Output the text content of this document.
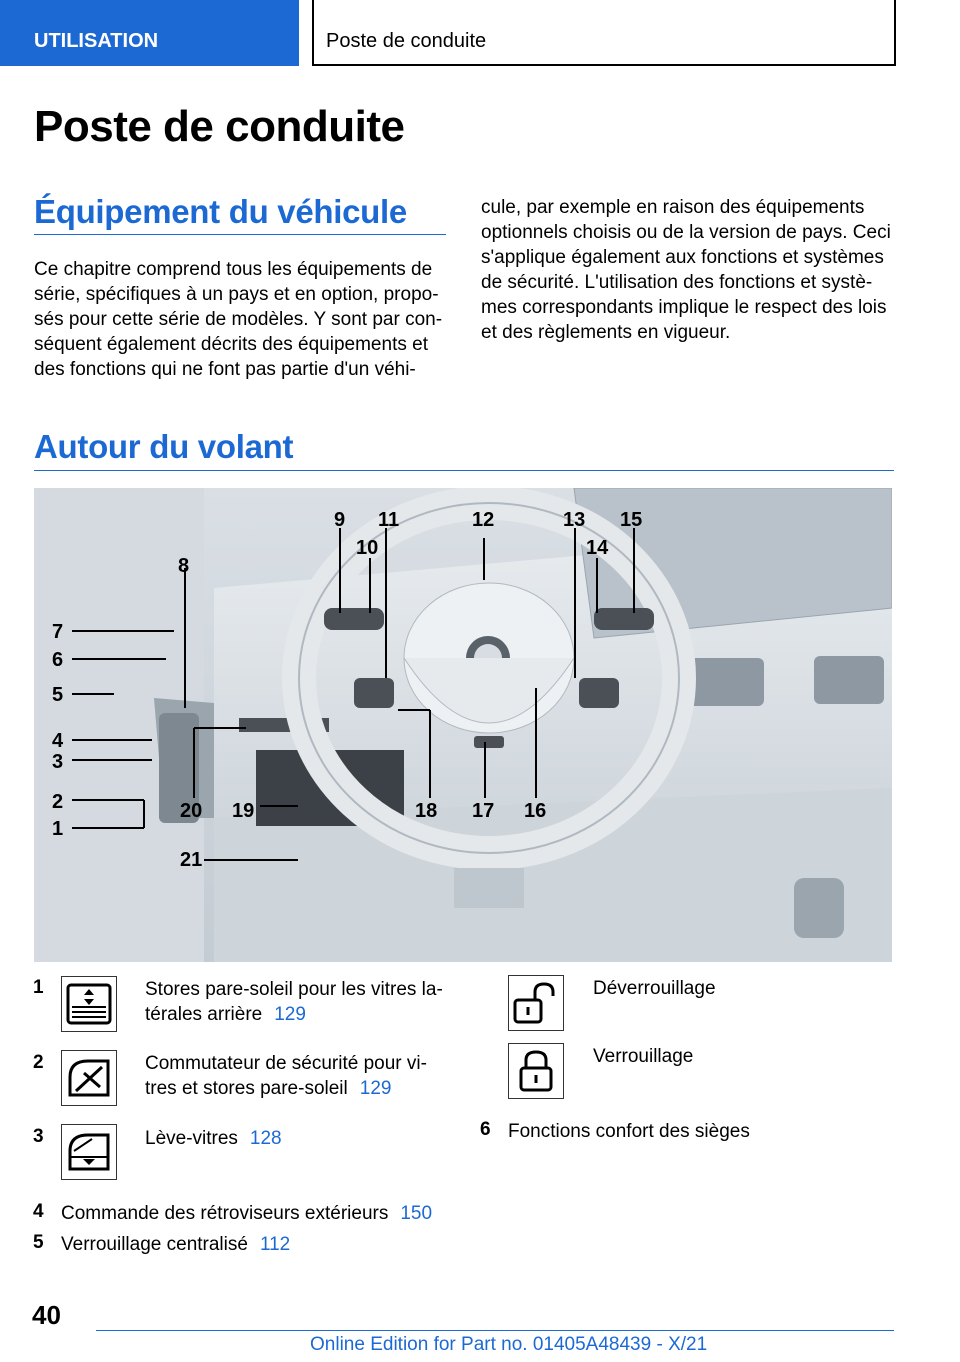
UTILISATION	Poste de conduite
Poste de conduite
Équipement du véhicule

Ce chapitre comprend tous les équipements de

série, spécifiques à un pays et en option, propo‐

sés pour cette série de modèles. Y sont par con‐

séquent également décrits des équipements et

des fonctions qui ne font pas partie d'un véhi‐

cule, par exemple en raison des équipements

optionnels choisis ou de la version de pays. Ceci

s'applique également aux fonctions et systèmes

de sécurité. L'utilisation des fonctions et systè‐

mes correspondants implique le respect des lois

et des règlements en vigueur.

Autour du volant
9
10
11	12	13
14
15
8
7
6
5
4
3
2
1
20 19	18 17 16
21
1	Stores pare-soleil pour les vitres la‐
térales arrière 129
2	Commutateur de sécurité pour vi‐
tres et stores pare-soleil 129
3	Lève-vitres 128
4 Commande des rétroviseurs extérieurs 150
5 Verrouillage centralisé 112
Déverrouillage
Verrouillage
6 Fonctions confort des sièges
40
Online Edition for Part no. 01405A48439 - X/21
